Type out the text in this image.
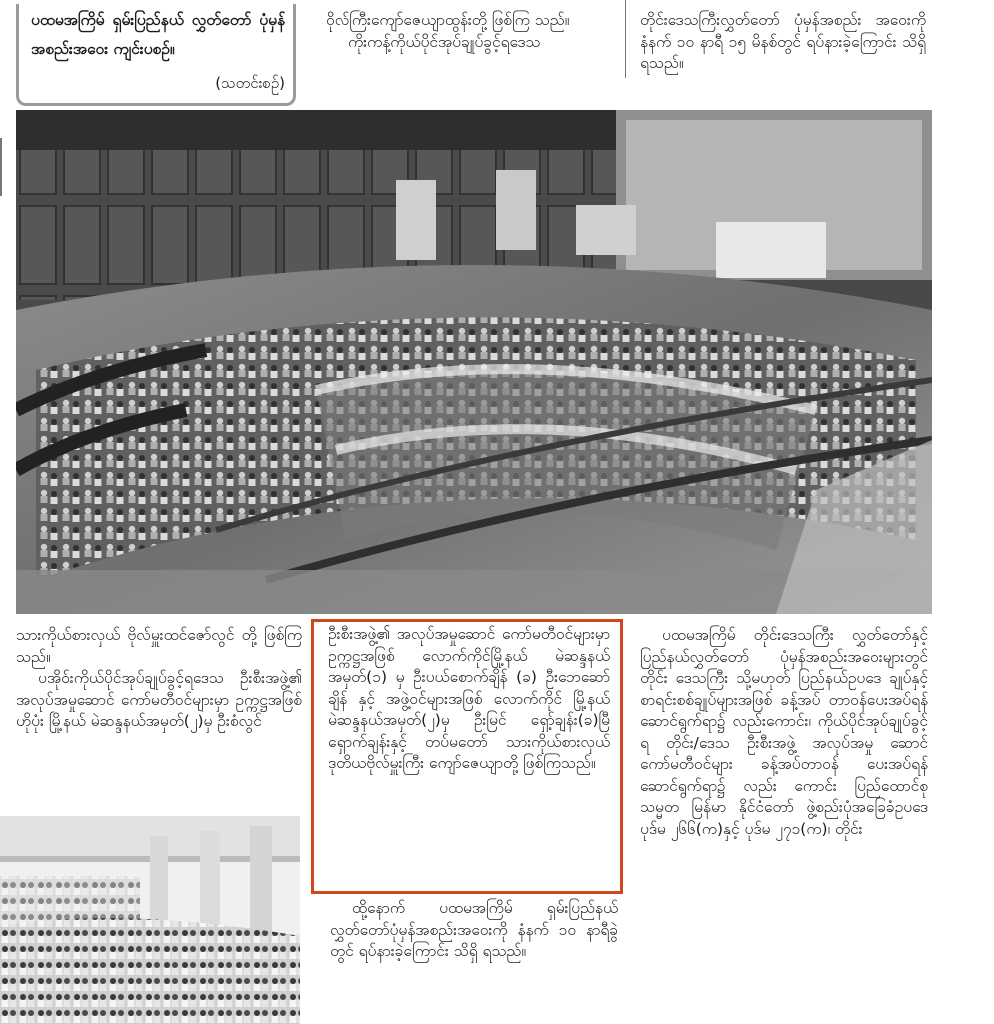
ပထမအကြိမ် ရှမ်းပြည်နယ် လွှတ်တော် ပုံမှန်အစည်းအဝေး ကျင်းပစဉ်။
(သတင်းစဉ်)

ဝိုလ်ကြီးကျော်ဇေယျာထွန်းတို့ ဖြစ်ကြ သည်။

ကိုးကန့်ကိုယ်ပိုင်အုပ်ချုပ်ခွင့်ရဒေသ

တိုင်းဒေသကြီးလွှတ်တော် ပုံမှန်အစည်း အဝေးကို နံနက် ၁၀ နာရီ ၁၅ မိနစ်တွင် ရပ်နားခဲ့ကြောင်း သိရှိရသည်။

သားကိုယ်စားလှယ် ဗိုလ်မှူးထင်ဇော်လွင် တို့ ဖြစ်ကြသည်။

ပအိုဝ်းကိုယ်ပိုင်အုပ်ချုပ်ခွင့်ရဒေသ ဦးစီးအဖွဲ့၏ အလုပ်အမှုဆောင် ကော်မတီဝင်များမှာ ဥက္ကဋ္ဌအဖြစ် ဟိုပုံး မြို့နယ် မဲဆန္ဒနယ်အမှတ်(၂)မှ ဦးစံလွင်

ဦးစီးအဖွဲ့၏ အလုပ်အမှုဆောင် ကော်မတီဝင်များမှာ ဥက္ကဋ္ဌအဖြစ် လောက်ကိုင်မြို့နယ် မဲဆန္ဒနယ်အမှတ်(၁) မှ ဦးပယ်စောက်ချိန် (ခ) ဦးဘေဆော်ချိန် နှင့် အဖွဲ့ဝင်များအဖြစ် လောက်ကိုင် မြို့နယ် မဲဆန္ဒနယ်အမှတ်(၂)မှ ဦးမြင် ရှော့်ချန်း(ခ)မြီရှောက်ချန်းနှင့် တပ်မတော် သားကိုယ်စားလှယ် ဒုတိယဗိုလ်မှူးကြီး ကျော်ဇေယျာတို့ ဖြစ်ကြသည်။

ထို့နောက် ပထမအကြိမ် ရှမ်းပြည်နယ် လွှတ်တော်ပုံမှန်အစည်းအဝေးကို နံနက် ၁၀ နာရီခွဲတွင် ရပ်နားခဲ့ကြောင်း သိရှိ ရသည်။

ပထမအကြိမ် တိုင်းဒေသကြီး လွှတ်တော်နှင့် ပြည်နယ်လွှတ်တော် ပုံမှန်အစည်းအဝေးများတွင် တိုင်း ဒေသကြီး သို့မဟုတ် ပြည်နယ်ဥပဒေ ချုပ်နှင့် စာရင်းစစ်ချုပ်များအဖြစ် ခန့်အပ် တာဝန်ပေးအပ်ရန် ဆောင်ရွက်ရာ၌ လည်းကောင်း၊ ကိုယ်ပိုင်အုပ်ချုပ်ခွင့်ရ တိုင်း/ဒေသ ဦးစီးအဖွဲ့ အလုပ်အမှု ဆောင် ကော်မတီဝင်များ ခန့်အပ်တာဝန် ပေးအပ်ရန် ဆောင်ရွက်ရာ၌ လည်း ကောင်း ပြည်ထောင်စုသမ္မတ မြန်မာ နိုင်ငံတော် ဖွဲ့စည်းပုံအခြေခံဥပဒေ ပုဒ်မ ၂၆၆(က)နှင့် ပုဒ်မ ၂၇၁(က)၊ တိုင်း
